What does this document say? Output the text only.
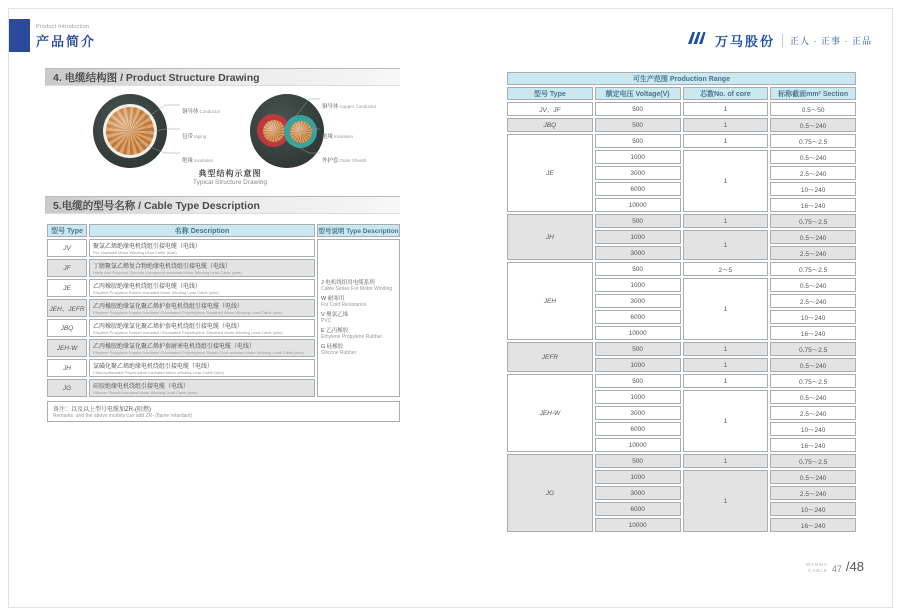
Product Introduction
产品简介	万马股份 正人 · 正事 · 正品
4. 电缆结构图 / Product Structure Drawing
铜导体Conductor
包带taping
绝缘insulation
铜导体Copper Conductor
绝缘insulation
外护套Outer Sheath
典型结构示意图
Typical Structure Drawing
5.电缆的型号名称 / Cable Type Description
型号 Type	名称 Description	型号说明 Type Description
JV	聚氯乙烯绝缘电机绕组引接电缆（电线）
Pvc Insulated Motor Winding Lead Cable (wire)

J 电机绕组用电缆系列
Cable Series For Motor Winding
W 耐寒用
For Cold Resistance
V 聚氯乙烯
PVC
E 乙丙橡胶
Ethylene Propylene Rubber
G 硅橡胶
Silicone Rubber

JF	丁腈聚氯乙烯复合物绝缘电机绕组引接电缆（电线）
Nitrile And Polyvinyl Chloride Compound Insulated Motor Winding Lead Cable (wire)	

JE	乙丙橡胶绝缘电机绕组引接电缆（电线）
Ethylene Propylene Rubber Insulated Motor Winding Lead Cable (wire)	

JEH、JEFR	乙丙橡胶绝缘氯化聚乙烯护套电机绕组引接电缆（电线）
Ethylene Propylene Rubber Insulated Chlorinated Polyethylene Sheathed Motor Winding Lead Cable (wire)	

JBQ	乙丙橡胶绝缘氯化聚乙烯护套电机绕组引接电缆（电线）
Ethylene Propylene Rubber Insulated Chlorinated Polyethylene Sheathed Motor Winding Lead Cable (wire)	

JEH-W	乙丙橡胶绝缘氯化聚乙烯护套耐寒电机绕组引接电缆（电线）
Ethylene Propylene Rubber Insulated Chlorinated Polyethylene Sheath Cold-resistant Motor Winding Lead Cable (wire)	

JH	氯磺化聚乙烯绝缘电机绕组引接电缆（电线）
Chlorosulfonated Polyethylene Insulated Motor Winding Lead Cable (wire)	

JG	硅胶绝缘电机绕组引接电缆（电线）
Silicone Sheath Insulated Motor Winding Lead Cable (wire)	
备注：以及以上型号电缆加ZR-(阻燃)
Remarks: and the above models can add ZR- (flame retardant)
可生产范围 Production Range			
型号 Type	额定电压 Voltage(V)	芯数No. of core	标称截面mm² Section
JV、JF	500	1	0.5～50
JBQ	500	1	0.5～240
JE	500	1	0.75～2.5
	1000	1	0.5～240
	3000		2.5～240
	6000		10～240
	10000		16～240
JH	500	1	0.75～2.5
	1000	1	0.5～240
	3000		2.5～240
JEH	500	2～5	0.75～2.5
	1000	1	0.5～240
	3000		2.5～240
	6000		10～240
	10000		16～240
JEFR	500	1	0.75～2.5
	1000	1	0.5～240
JEH-W	500	1	0.75～2.5
	1000	1	0.5～240
	3000		2.5～240
	6000		10～240
	10000		16～240
JG	500	1	0.75～2.5
	1000	1	0.5～240
	3000		2.5～240
	6000		10～240
	10000		16～240
WANMA
CABLE 47 /48
